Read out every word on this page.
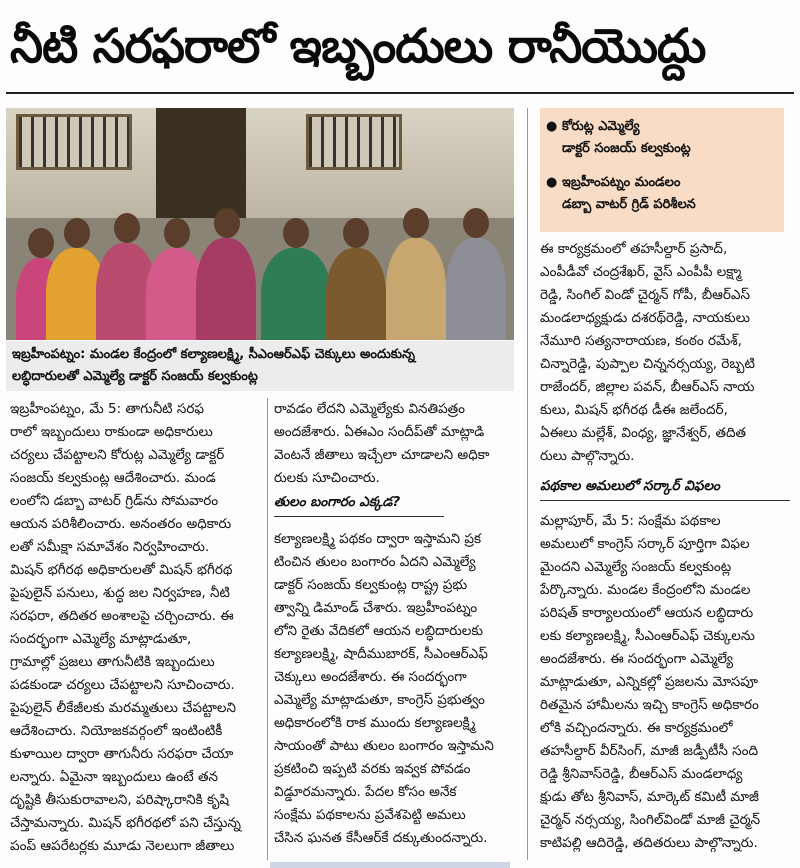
నీటి సరఫరాలో ఇబ్బందులు రానీయొద్దు
ఇబ్రహీంపట్నం: మండల కేంద్రంలో కల్యాణలక్ష్మి, సీఎంఆర్ఎఫ్ చెక్కులు అందుకున్న
లబ్ధిదారులతో ఎమ్మెల్యే డాక్టర్ సంజయ్ కల్వకుంట్ల
● కోరుట్ల ఎమ్మెల్యే
డాక్టర్ సంజయ్ కల్వకుంట్ల
● ఇబ్రహీంపట్నం మండలం
డబ్బా వాటర్ గ్రిడ్ పరిశీలన
ఇబ్రహీంపట్నం, మే 5: తాగునీటి సరఫ
రాలో ఇబ్బందులు రాకుండా అధికారులు
చర్యలు చేపట్టాలని కోరుట్ల ఎమ్మెల్యే డాక్టర్
సంజయ్ కల్వకుంట్ల ఆదేశించారు. మండ
లంలోని డబ్బా వాటర్ గ్రిడ్‌ను సోమవారం
ఆయన పరిశీలించారు. అనంతరం అధికారు
లతో సమీక్షా సమావేశం నిర్వహించారు.
మిషన్ భగీరథ అధికారులతో మిషన్ భగీరథ
పైపులైన్ పనులు, శుద్ధ జల నిర్వహణ, నీటి
సరఫరా, తదితర అంశాలపై చర్చించారు. ఈ
సందర్భంగా ఎమ్మెల్యే మాట్లాడుతూ,
గ్రామాల్లో ప్రజలు తాగునీటికి ఇబ్బందులు
పడకుండా చర్యలు చేపట్టాలని సూచించారు.
పైపులైన్ లీకేజీలకు మరమ్మతులు చేపట్టాలని
ఆదేశించారు. నియోజకవర్గంలో ఇంటింటికీ
కుళాయిల ద్వారా తాగునీరు సరఫరా చేయా
లన్నారు. ఏమైనా ఇబ్బందులు ఉంటే తన
దృష్టికి తీసుకురావాలని, పరిష్కారానికి కృషి
చేస్తామన్నారు. మిషన్ భగీరథలో పని చేస్తున్న
పంప్ ఆపరేటర్లకు మూడు నెలలుగా జీతాలు
రావడం లేదని ఎమ్మెల్యేకు వినతిపత్రం
అందజేశారు. ఏఈఎం సందీప్‌తో మాట్లాడి
వెంటనే జీతాలు ఇచ్చేలా చూడాలని అధికా
రులకు సూచించారు.
తులం బంగారం ఎక్కడ?
కల్యాణలక్ష్మి పథకం ద్వారా ఇస్తామని ప్రక
టించిన తులం బంగారం ఏదని ఎమ్మెల్యే
డాక్టర్ సంజయ్ కల్వకుంట్ల రాష్ట్ర ప్రభు
త్వాన్ని డిమాండ్ చేశారు. ఇబ్రహీంపట్నం
లోని రైతు వేదికలో ఆయన లబ్ధిదారులకు
కల్యాణలక్ష్మి, షాదీముబారక్, సీఎంఆర్ఎఫ్
చెక్కులు అందజేశారు. ఈ సందర్భంగా
ఎమ్మెల్యే మాట్లాడుతూ, కాంగ్రెస్ ప్రభుత్వం
అధికారంలోకి రాక ముందు కల్యాణలక్ష్మి
సాయంతో పాటు తులం బంగారం ఇస్తామని
ప్రకటించి ఇప్పటి వరకు ఇవ్వక పోవడం
విడ్డూరమన్నారు. పేదల కోసం అనేక
సంక్షేమ పథకాలను ప్రవేశపెట్టి అమలు
చేసిన ఘనత కేసీఆర్‌కే దక్కుతుందన్నారు.
ఈ కార్యక్రమంలో తహసీల్దార్ ప్రసాద్,
ఎంపీడీవో చంద్రశేఖర్, వైస్ ఎంపీపీ లక్ష్మా
రెడ్డి, సింగిల్ విండో చైర్మన్ గోపీ, బీఆర్ఎస్
మండలాధ్యక్షుడు దశరథ్‌రెడ్డి, నాయకులు
నేమూరి సత్యనారాయణ, కంఠం రమేశ్,
చిన్నారెడ్డి, పుప్పాల చిన్ననర్సయ్య, రెబ్బటి
రాజేందర్, జిల్లాల పవన్, బీఆర్ఎస్ నాయ
కులు, మిషన్ భగీరథ డీఈ జలేందర్,
ఏఈలు మల్లేశ్, వింధ్య, జ్ఞానేశ్వర్, తదిత
రులు పాల్గొన్నారు.
పథకాల అమలులో సర్కార్ విఫలం
మల్లాపూర్, మే 5: సంక్షేమ పథకాల
అమలులో కాంగ్రెస్ సర్కార్ పూర్తిగా విఫల
మైందని ఎమ్మెల్యే సంజయ్ కల్వకుంట్ల
పేర్కొన్నారు. మండల కేంద్రంలోని మండల
పరిషత్ కార్యాలయంలో ఆయన లబ్ధిదారు
లకు కల్యాణలక్ష్మి, సీఎంఆర్ఎఫ్ చెక్కులను
అందజేశారు. ఈ సందర్భంగా ఎమ్మెల్యే
మాట్లాడుతూ, ఎన్నికల్లో ప్రజలను మోసపూ
రితమైన హామీలను ఇచ్చి కాంగ్రెస్ అధికారం
లోకి వచ్చిందన్నారు. ఈ కార్యక్రమంలో
తహసీల్దార్ వీర్‌సింగ్, మాజీ జడ్పీటీసీ సంది
రెడ్డి శ్రీనివాస్‌రెడ్డి, బీఆర్ఎస్ మండలాధ్య
క్షుడు తోట శ్రీనివాస్, మార్కెట్ కమిటీ మాజీ
చైర్మన్ నర్సయ్య, సింగిల్‌విండో మాజీ చైర్మన్
కాటిపల్లి ఆదిరెడ్డి, తదితరులు పాల్గొన్నారు.
